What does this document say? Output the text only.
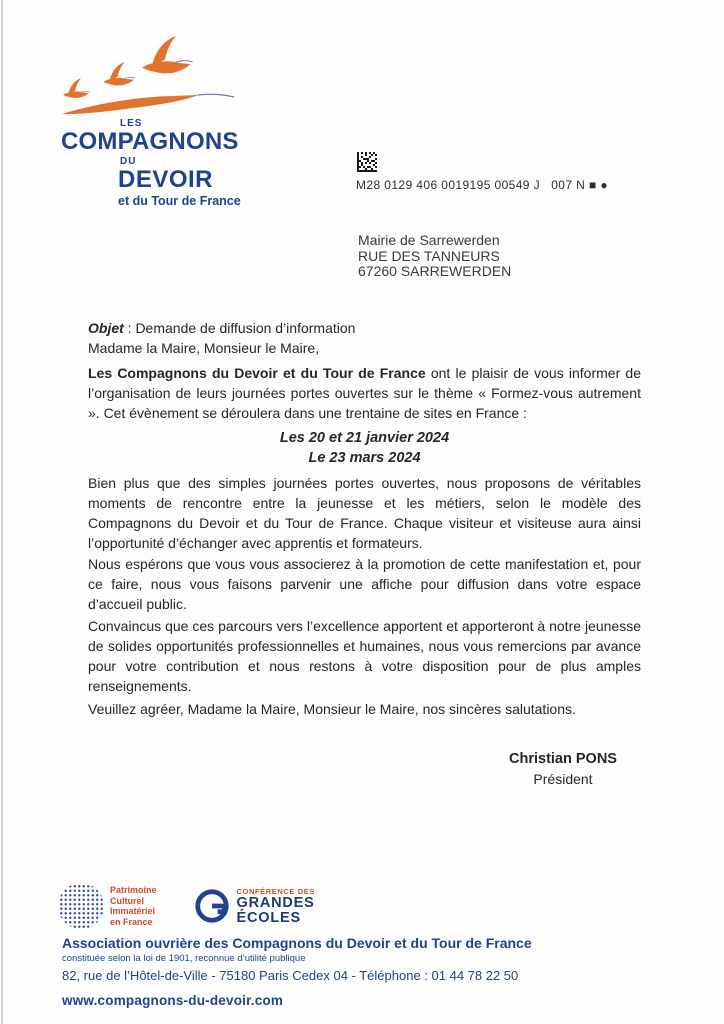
LES
COMPAGNONS
DU
DEVOIR
et du Tour de France
M28 0129 406 0019195 00549 J   007 N ■ ●
Mairie de Sarrewerden
RUE DES TANNEURS
67260 SARREWERDEN

Objet : Demande de diffusion d’information

Madame la Maire, Monsieur le Maire,

Les Compagnons du Devoir et du Tour de France ont le plaisir de vous informer de l’organisation de leurs journées portes ouvertes sur le thème « Formez-vous autrement ». Cet évènement se déroulera dans une trentaine de sites en France :

Les 20 et 21 janvier 2024
Le 23 mars 2024

Bien plus que des simples journées portes ouvertes, nous proposons de véritables moments de rencontre entre la jeunesse et les métiers, selon le modèle des Compagnons du Devoir et du Tour de France. Chaque visiteur et visiteuse aura ainsi l’opportunité d’échanger avec apprentis et formateurs.

Nous espérons que vous vous associerez à la promotion de cette manifestation et, pour ce faire, nous vous faisons parvenir une affiche pour diffusion dans votre espace d’accueil public.

Convaincus que ces parcours vers l’excellence apportent et apporteront à notre jeunesse de solides opportunités professionnelles et humaines, nous vous remercions par avance pour votre contribution et nous restons à votre disposition pour de plus amples renseignements.

Veuillez agréer, Madame la Maire, Monsieur le Maire, nos sincères salutations.

Christian PONS
Président
Patrimoine
Culturel
Immatériel
en France
CONFÉRENCE DES
GRANDES
ÉCOLES
Association ouvrière des Compagnons du Devoir et du Tour de France
constituée selon la loi de 1901, reconnue d’utilité publique
82, rue de l’Hôtel-de-Ville - 75180 Paris Cedex 04 - Téléphone : 01 44 78 22 50
www.compagnons-du-devoir.com
